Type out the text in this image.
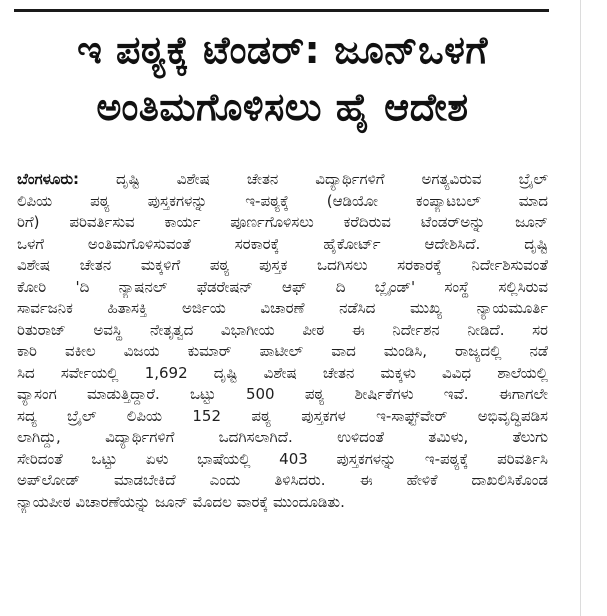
ಇ ಪಠ್ಯಕ್ಕೆ ಟೆಂಡರ್: ಜೂನ್‌ಒಳಗೆ
ಅಂತಿಮಗೊಳಿಸಲು ಹೈ ಆದೇಶ
ಬೆಂಗಳೂರು: ದೃಷ್ಟಿ ವಿಶೇಷ ಚೇತನ ವಿದ್ಯಾರ್ಥಿಗಳಿಗೆ ಅಗತ್ಯವಿರುವ ಬ್ರೈಲ್
ಲಿಪಿಯ ಪಠ್ಯ ಪುಸ್ತಕಗಳನ್ನು ಇ-ಪಠ್ಯಕ್ಕೆ (ಆಡಿಯೋ ಕಂಪ್ಯಾಟಬಲ್ ಮಾದ
ರಿಗೆ) ಪರಿವರ್ತಿಸುವ ಕಾರ್ಯ ಪೂರ್ಣಗೊಳಿಸಲು ಕರೆದಿರುವ ಟೆಂಡರ್‌ಅನ್ನು ಜೂನ್
ಒಳಗೆ ಅಂತಿಮಗೊಳಿಸುವಂತೆ ಸರಕಾರಕ್ಕೆ ಹೈಕೋರ್ಟ್ ಆದೇಶಿಸಿದೆ. ದೃಷ್ಟಿ
ವಿಶೇಷ ಚೇತನ ಮಕ್ಕಳಿಗೆ ಪಠ್ಯ ಪುಸ್ತಕ ಒದಗಿಸಲು ಸರಕಾರಕ್ಕೆ ನಿರ್ದೇಶಿಸುವಂತೆ
ಕೋರಿ 'ದಿ ನ್ಯಾಷನಲ್ ಫೆಡರೇಷನ್ ಆಫ್ ದಿ ಬ್ಲೈಂಡ್' ಸಂಸ್ಥೆ ಸಲ್ಲಿಸಿರುವ
ಸಾರ್ವಜನಿಕ ಹಿತಾಸಕ್ತಿ ಅರ್ಜಿಯ ವಿಚಾರಣೆ ನಡೆಸಿದ ಮುಖ್ಯ ನ್ಯಾಯಮೂರ್ತಿ
ರಿತುರಾಜ್ ಅವಸ್ಥಿ ನೇತೃತ್ವದ ವಿಭಾಗೀಯ ಪೀಠ ಈ ನಿರ್ದೇಶನ ನೀಡಿದೆ. ಸರ
ಕಾರಿ ವಕೀಲ ವಿಜಯ ಕುಮಾರ್ ಪಾಟೀಲ್ ವಾದ ಮಂಡಿಸಿ, ರಾಜ್ಯದಲ್ಲಿ ನಡೆ
ಸಿದ ಸರ್ವೇಯಲ್ಲಿ 1,692 ದೃಷ್ಟಿ ವಿಶೇಷ ಚೇತನ ಮಕ್ಕಳು ವಿವಿಧ ಶಾಲೆಯಲ್ಲಿ
ವ್ಯಾಸಂಗ ಮಾಡುತ್ತಿದ್ದಾರೆ. ಒಟ್ಟು 500 ಪಠ್ಯ ಶೀರ್ಷಿಕೆಗಳು ಇವೆ. ಈಗಾಗಲೇ
ಸದ್ಯ ಬ್ರೈಲ್ ಲಿಪಿಯ 152 ಪಠ್ಯ ಪುಸ್ತಕಗಳ ಇ-ಸಾಫ್ಟ್‌ವೇರ್ ಅಭಿವೃದ್ಧಿಪಡಿಸ
ಲಾಗಿದ್ದು, ವಿದ್ಯಾರ್ಥಿಗಳಿಗೆ ಒದಗಿಸಲಾಗಿದೆ. ಉಳಿದಂತೆ ತಮಿಳು, ತೆಲುಗು
ಸೇರಿದಂತೆ ಒಟ್ಟು ಏಳು ಭಾಷೆಯಲ್ಲಿ 403 ಪುಸ್ತಕಗಳನ್ನು ಇ-ಪಠ್ಯಕ್ಕೆ ಪರಿವರ್ತಿಸಿ
ಅಪ್‌ಲೋಡ್ ಮಾಡಬೇಕಿದೆ ಎಂದು ತಿಳಿಸಿದರು. ಈ ಹೇಳಿಕೆ ದಾಖಲಿಸಿಕೊಂಡ
ನ್ಯಾಯಪೀಠ ವಿಚಾರಣೆಯನ್ನು ಜೂನ್ ಮೊದಲ ವಾರಕ್ಕೆ ಮುಂದೂಡಿತು.
